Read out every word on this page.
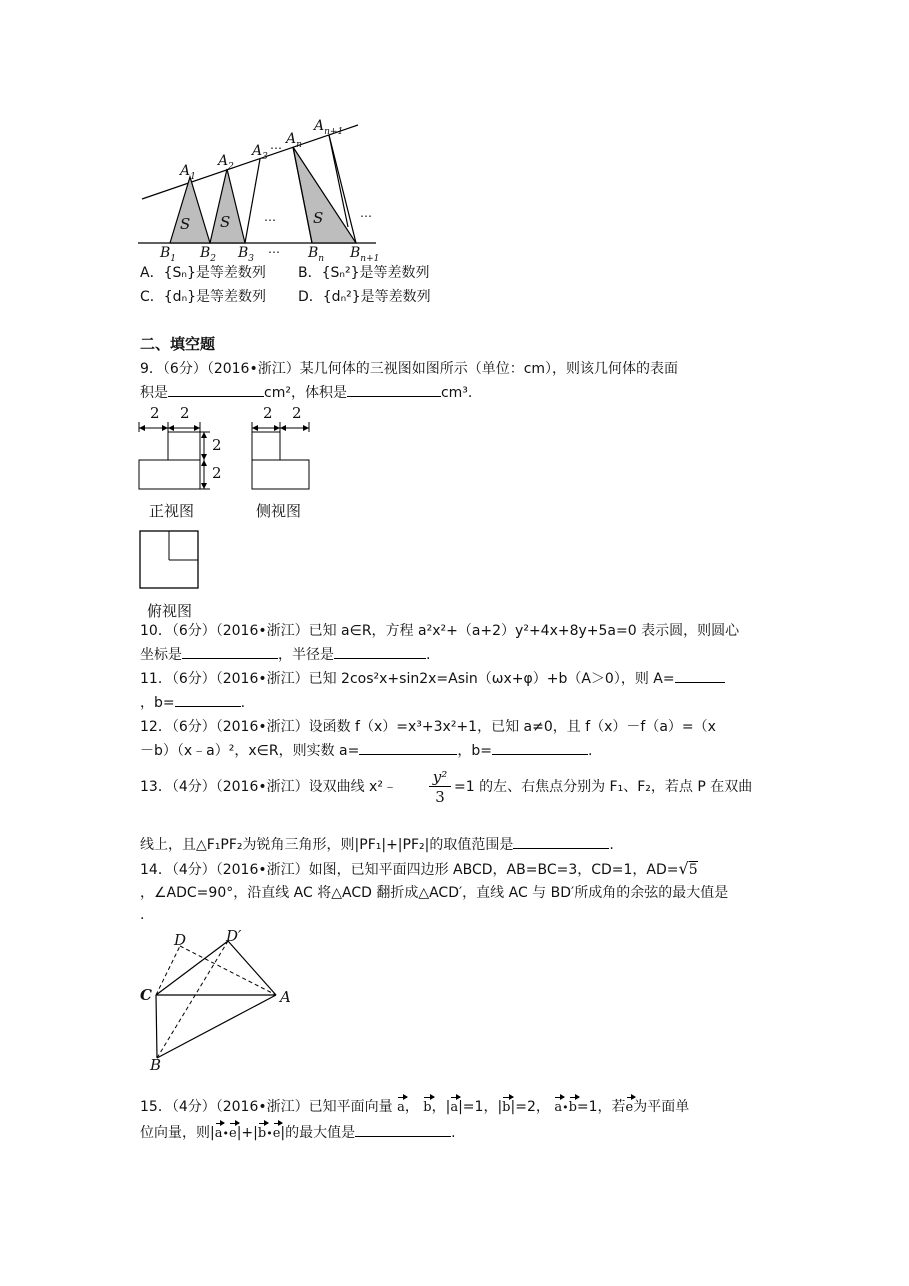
$A_1$
$A_2$
$A_3$
… $A_n$
$A_{n+1}$
S S	… S	…
$B_1$ $B_2$ $B_3$
… $B_n$ $B_{n+1}$
A．{Sₙ}是等差数列 B．{Sₙ²}是等差数列
C．{dₙ}是等差数列 D．{dₙ²}是等差数列
二、填空题
9．（6分）（2016•浙江）某几何体的三视图如图所示（单位：cm），则该几何体的表面
积是	cm²，体积是	cm³.
2 2
2
2
2 2
正视图	侧视图
俯视图
10．（6分）（2016•浙江）已知 a∈R，方程 a²x²+（a+2）y²+4x+8y+5a=0 表示圆，则圆心
坐标是	，半径是	.
11．（6分）（2016•浙江）已知 2cos²x+sin2x=Asin（ωx+φ）+b（A＞0），则 A=
，b=	.
12．（6分）（2016•浙江）设函数 f（x）=x³+3x²+1，已知 a≠0，且 f（x）－f（a）=（x
－b）（x﹣a）²，x∈R，则实数 a=	，b=	.
13．（4分）（2016•浙江）设双曲线 x²﹣
y²
3
=1 的左、右焦点分别为 F₁、F₂，若点 P 在双曲
线上，且△F₁PF₂为锐角三角形，则|PF₁|+|PF₂|的取值范围是	.
14．（4分）（2016•浙江）如图，已知平面四边形 ABCD，AB=BC=3，CD=1，AD=√5
，∠ADC=90°，沿直线 AC 将△ACD 翻折成△ACD′，直线 AC 与 BD′所成角的余弦的最大值是
.
D	D′
C	A
B
15．（4分）（2016•浙江）已知平面向量 a， b，|a|=1，|b|=2， a•b=1，若e为平面单
位向量，则|a•e|+|b•e|的最大值是	.
